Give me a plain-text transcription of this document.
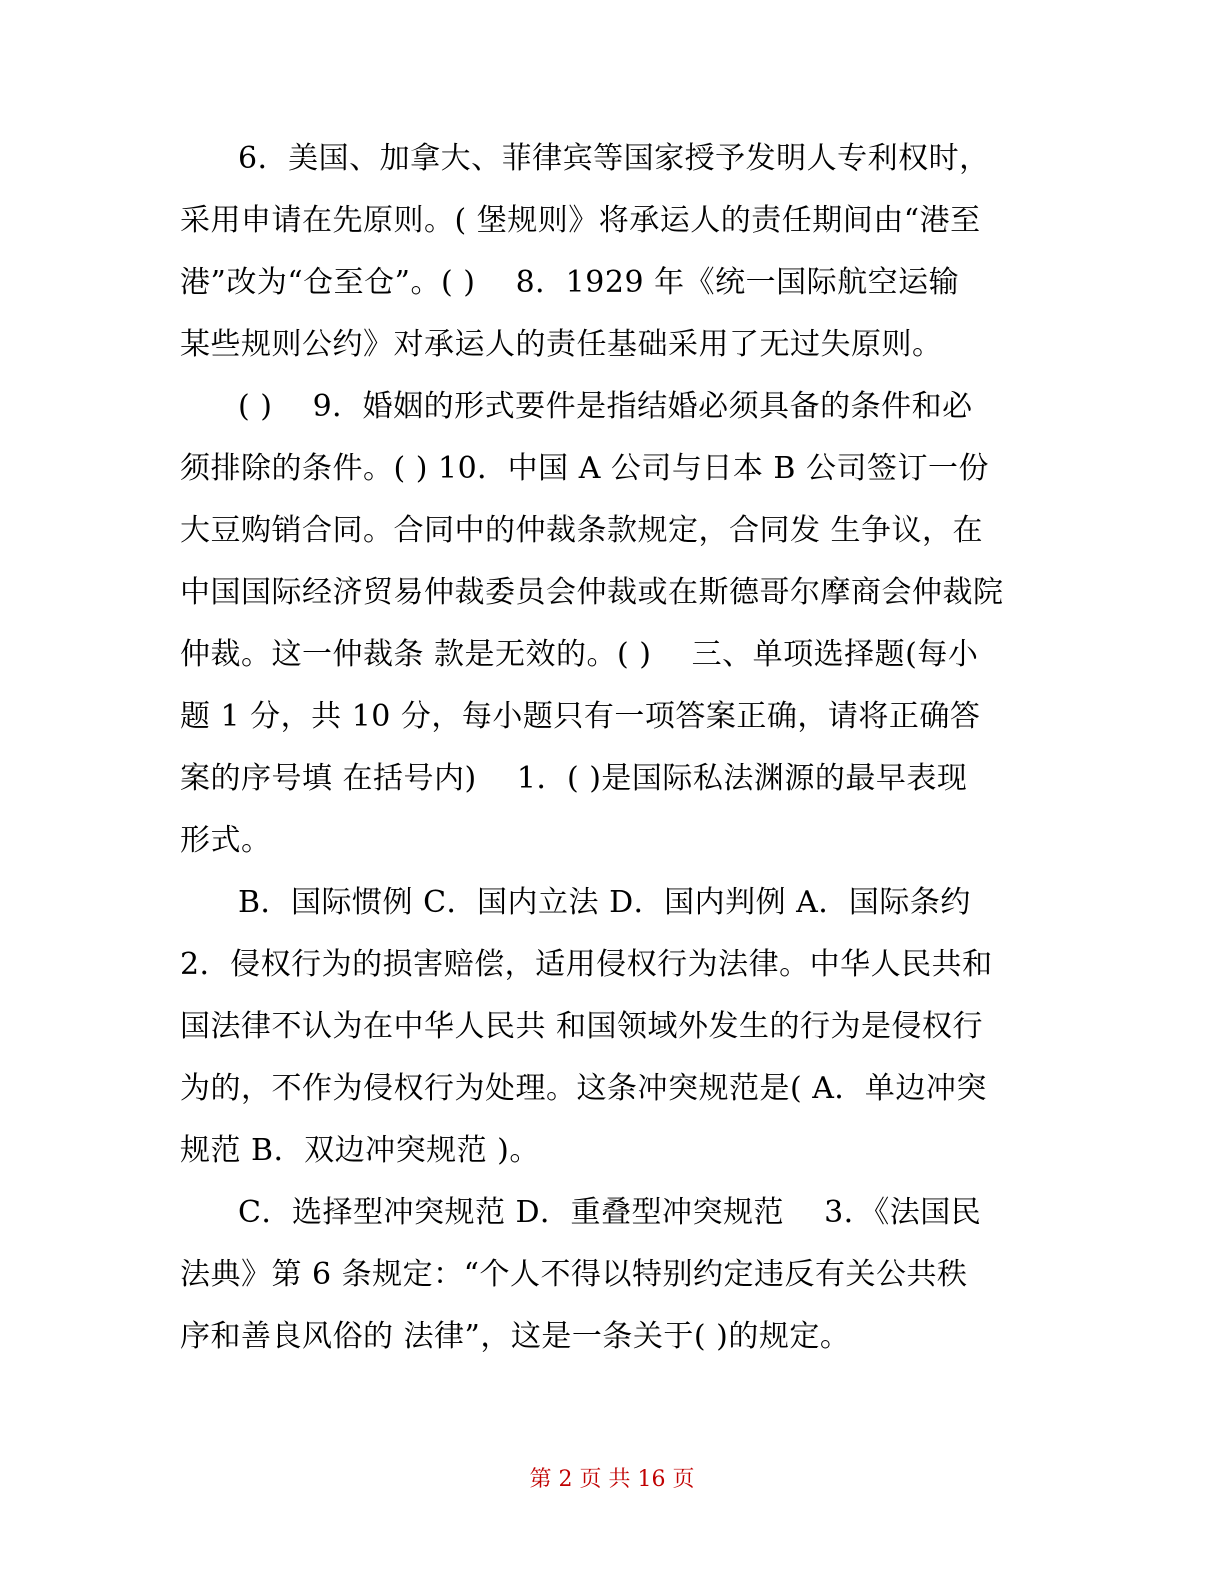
6．美国、加拿大、菲律宾等国家授予发明人专利权时，
采用申请在先原则。( 堡规则》将承运人的责任期间由“港至
港”改为“仓至仓”。( )    8．1929 年《统一国际航空运输
某些规则公约》对承运人的责任基础采用了无过失原则。
( )    9．婚姻的形式要件是指结婚必须具备的条件和必
须排除的条件。( ) 10．中国 A 公司与日本 B 公司签订一份
大豆购销合同。合同中的仲裁条款规定，合同发 生争议，在
中国国际经济贸易仲裁委员会仲裁或在斯德哥尔摩商会仲裁院
仲裁。这一仲裁条 款是无效的。( )    三、单项选择题(每小
题 1 分，共 10 分，每小题只有一项答案正确，请将正确答
案的序号填 在括号内)    1．( )是国际私法渊源的最早表现
形式。
B．国际惯例 C．国内立法 D．国内判例 A．国际条约
2．侵权行为的损害赔偿，适用侵权行为法律。中华人民共和
国法律不认为在中华人民共 和国领域外发生的行为是侵权行
为的，不作为侵权行为处理。这条冲突规范是( A．单边冲突
规范 B．双边冲突规范 )。
C．选择型冲突规范 D．重叠型冲突规范    3．《法国民
法典》第 6 条规定：“个人不得以特别约定违反有关公共秩
序和善良风俗的 法律”，这是一条关于( )的规定。
第 2 页 共 16 页
